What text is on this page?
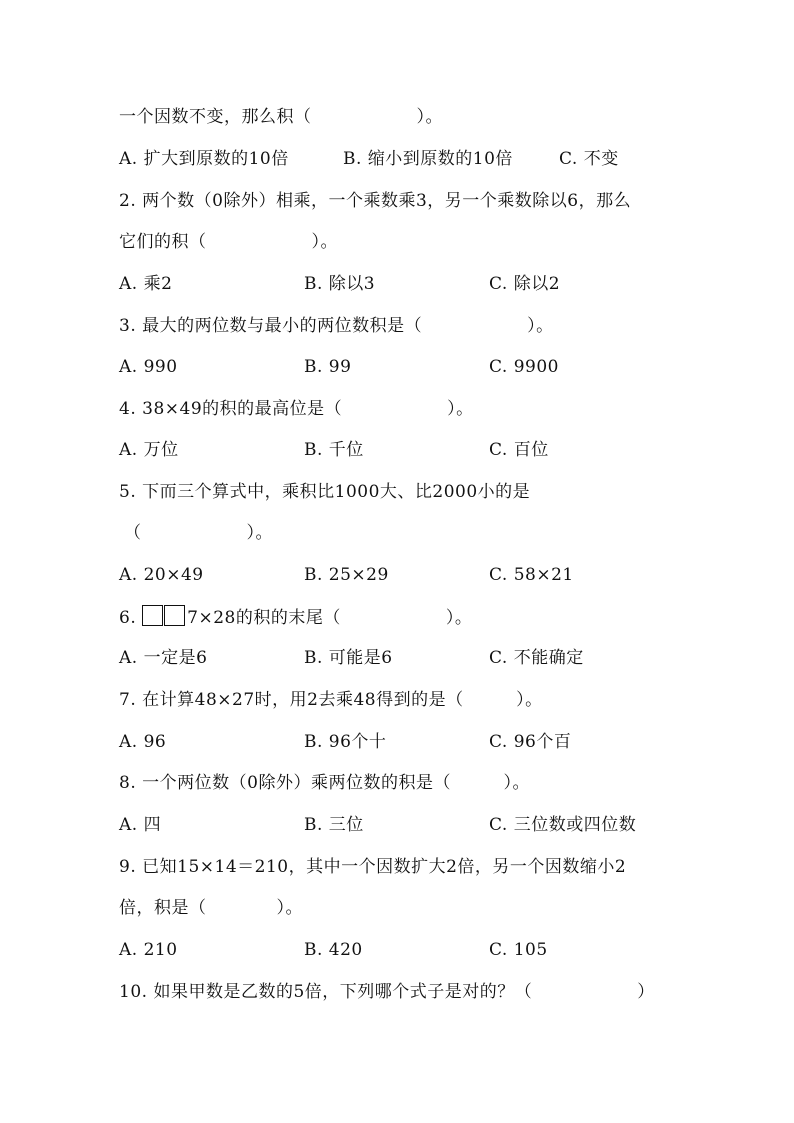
一个因数不变，那么积（　　　　　　）。
A. 扩大到原数的10倍	B. 缩小到原数的10倍	C. 不变
2. 两个数（0除外）相乘，一个乘数乘3，另一个乘数除以6，那么
它们的积（　　　　　　）。
A. 乘2	B. 除以3	C. 除以2
3. 最大的两位数与最小的两位数积是（　　　　　　）。
A. 990	B. 99	C. 9900
4. 38×49的积的最高位是（　　　　　　）。
A. 万位	B. 千位	C. 百位
5. 下而三个算式中，乘积比1000大、比2000小的是
（　　　　　　）。
A. 20×49	B. 25×29	C. 58×21
6.	7×28的积的末尾（　　　　　　）。
A. 一定是6	B. 可能是6	C. 不能确定
7. 在计算48×27时，用2去乘48得到的是（　　　）。
A. 96	B. 96个十	C. 96个百
8. 一个两位数（0除外）乘两位数的积是（　　　）。
A. 四	B. 三位	C. 三位数或四位数
9. 已知15×14＝210，其中一个因数扩大2倍，另一个因数缩小2
倍，积是（　　　　）。
A. 210	B. 420	C. 105
10. 如果甲数是乙数的5倍，下列哪个式子是对的？（　　　　　　）
